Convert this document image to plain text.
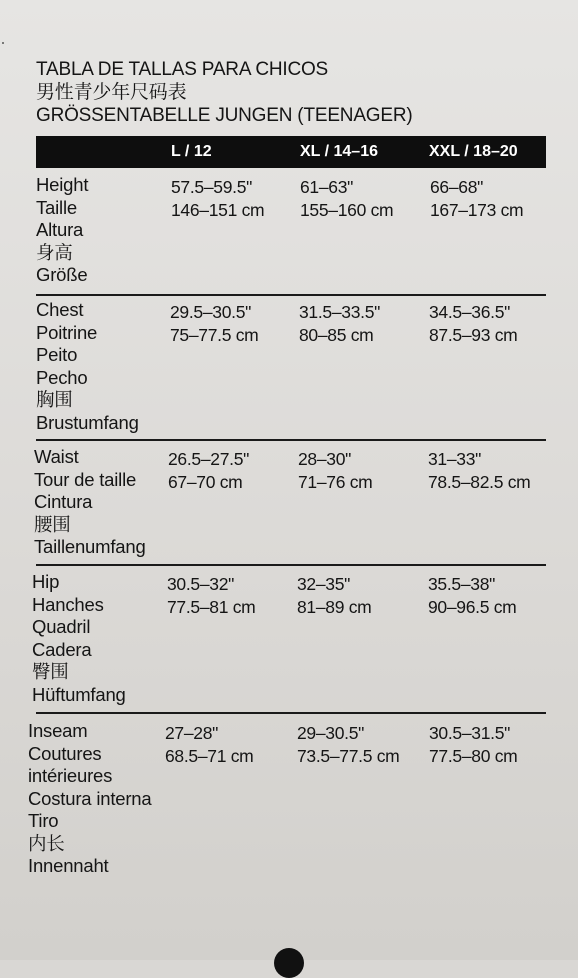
TABLA DE TALLAS PARA CHICOS
男性青少年尺码表
GRÖSSENTABELLE JUNGEN (TEENAGER)
L / 12	XL / 14–16	XXL / 18–20
Height
Taille
Altura
身高
Größe
57.5–59.5"
146–151 cm
61–63"
155–160 cm
66–68"
167–173 cm
Chest
Poitrine
Peito
Pecho
胸围
Brustumfang
29.5–30.5"
75–77.5 cm
31.5–33.5"
80–85 cm
34.5–36.5"
87.5–93 cm
Waist
Tour de taille
Cintura
腰围
Taillenumfang
26.5–27.5"
67–70 cm
28–30"
71–76 cm
31–33"
78.5–82.5 cm
Hip
Hanches
Quadril
Cadera
臀围
Hüftumfang
30.5–32"
77.5–81 cm
32–35"
81–89 cm
35.5–38"
90–96.5 cm
Inseam
Coutures
intérieures
Costura interna
Tiro
内长
Innennaht
27–28"
68.5–71 cm
29–30.5"
73.5–77.5 cm
30.5–31.5"
77.5–80 cm
